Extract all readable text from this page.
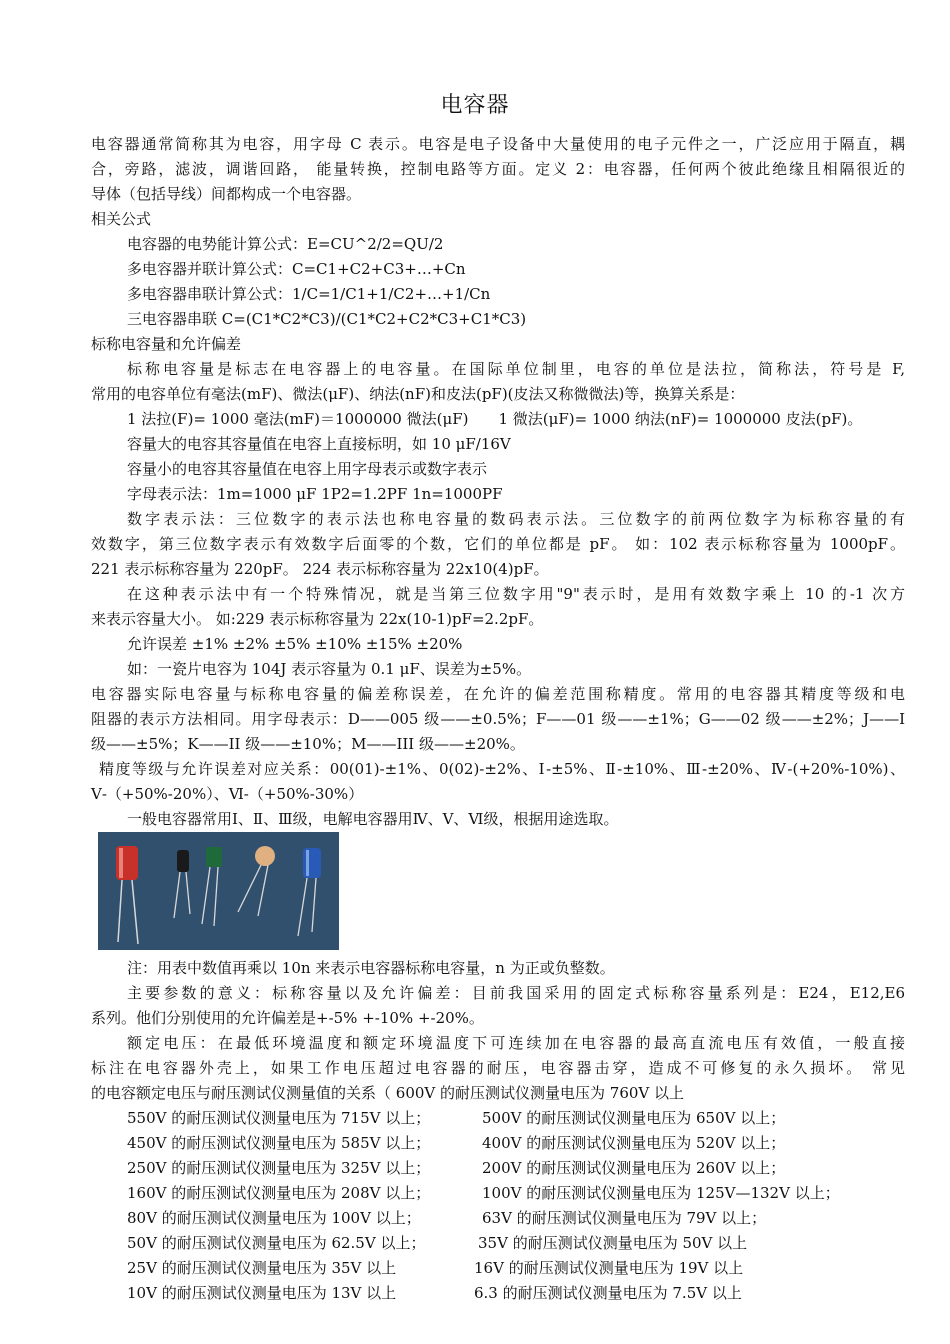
电容器
电容器通常简称其为电容，用字母 C 表示。电容是电子设备中大量使用的电子元件之一，广泛应用于隔直，耦
合，旁路，滤波，调谐回路， 能量转换，控制电路等方面。定义 2：电容器，任何两个彼此绝缘且相隔很近的
导体（包括导线）间都构成一个电容器。
相关公式
电容器的电势能计算公式：E=CU^2/2=QU/2
多电容器并联计算公式：C=C1+C2+C3+…+Cn
多电容器串联计算公式：1/C=1/C1+1/C2+…+1/Cn
三电容器串联 C=(C1*C2*C3)/(C1*C2+C2*C3+C1*C3)
标称电容量和允许偏差
标称电容量是标志在电容器上的电容量。在国际单位制里，电容的单位是法拉，简称法，符号是 F,
常用的电容单位有毫法(mF)、微法(μF)、纳法(nF)和皮法(pF)(皮法又称微微法)等，换算关系是：
1 法拉(F)= 1000 毫法(mF)＝1000000 微法(μF)　　1 微法(μF)= 1000 纳法(nF)= 1000000 皮法(pF)。
容量大的电容其容量值在电容上直接标明，如 10 μF/16V
容量小的电容其容量值在电容上用字母表示或数字表示
字母表示法：1m=1000 μF 1P2=1.2PF 1n=1000PF
数字表示法：三位数字的表示法也称电容量的数码表示法。三位数字的前两位数字为标称容量的有
效数字，第三位数字表示有效数字后面零的个数，它们的单位都是 pF。 如：102 表示标称容量为 1000pF。
221 表示标称容量为 220pF。 224 表示标称容量为 22x10(4)pF。
在这种表示法中有一个特殊情况，就是当第三位数字用"9"表示时，是用有效数字乘上 10 的-1 次方
来表示容量大小。 如:229 表示标称容量为 22x(10-1)pF=2.2pF。
允许误差 ±1% ±2% ±5% ±10% ±15% ±20%
如：一瓷片电容为 104J 表示容量为 0.1 μF、误差为±5%。
电容器实际电容量与标称电容量的偏差称误差，在允许的偏差范围称精度。常用的电容器其精度等级和电
阻器的表示方法相同。用字母表示：D——005 级——±0.5%；F——01 级——±1%；G——02 级——±2%；J——I
级——±5%；K——II 级——±10%；M——III 级——±20%。
精度等级与允许误差对应关系：00(01)-±1%、0(02)-±2%、Ⅰ-±5%、Ⅱ-±10%、Ⅲ-±20%、Ⅳ-(+20%-10%)、
Ⅴ-（+50%-20%）、Ⅵ-（+50%-30%）
一般电容器常用Ⅰ、Ⅱ、Ⅲ级，电解电容器用Ⅳ、Ⅴ、Ⅵ级，根据用途选取。
注：用表中数值再乘以 10n 来表示电容器标称电容量，n 为正或负整数。
主要参数的意义：标称容量以及允许偏差：目前我国采用的固定式标称容量系列是：E24，E12,E6
系列。他们分别使用的允许偏差是+-5% +-10% +-20%。
额定电压：在最低环境温度和额定环境温度下可连续加在电容器的最高直流电压有效值，一般直接
标注在电容器外壳上，如果工作电压超过电容器的耐压，电容器击穿，造成不可修复的永久损坏。 常见
的电容额定电压与耐压测试仪测量值的关系（ 600V 的耐压测试仪测量电压为 760V 以上
550V 的耐压测试仪测量电压为 715V 以上；	500V 的耐压测试仪测量电压为 650V 以上；
450V 的耐压测试仪测量电压为 585V 以上；	400V 的耐压测试仪测量电压为 520V 以上；
250V 的耐压测试仪测量电压为 325V 以上；	200V 的耐压测试仪测量电压为 260V 以上；
160V 的耐压测试仪测量电压为 208V 以上；	100V 的耐压测试仪测量电压为 125V—132V 以上；
80V 的耐压测试仪测量电压为 100V 以上；	63V 的耐压测试仪测量电压为 79V 以上；
50V 的耐压测试仪测量电压为 62.5V 以上；	35V 的耐压测试仪测量电压为 50V 以上
25V 的耐压测试仪测量电压为 35V 以上	16V 的耐压测试仪测量电压为 19V 以上
10V 的耐压测试仪测量电压为 13V 以上	6.3 的耐压测试仪测量电压为 7.5V 以上
